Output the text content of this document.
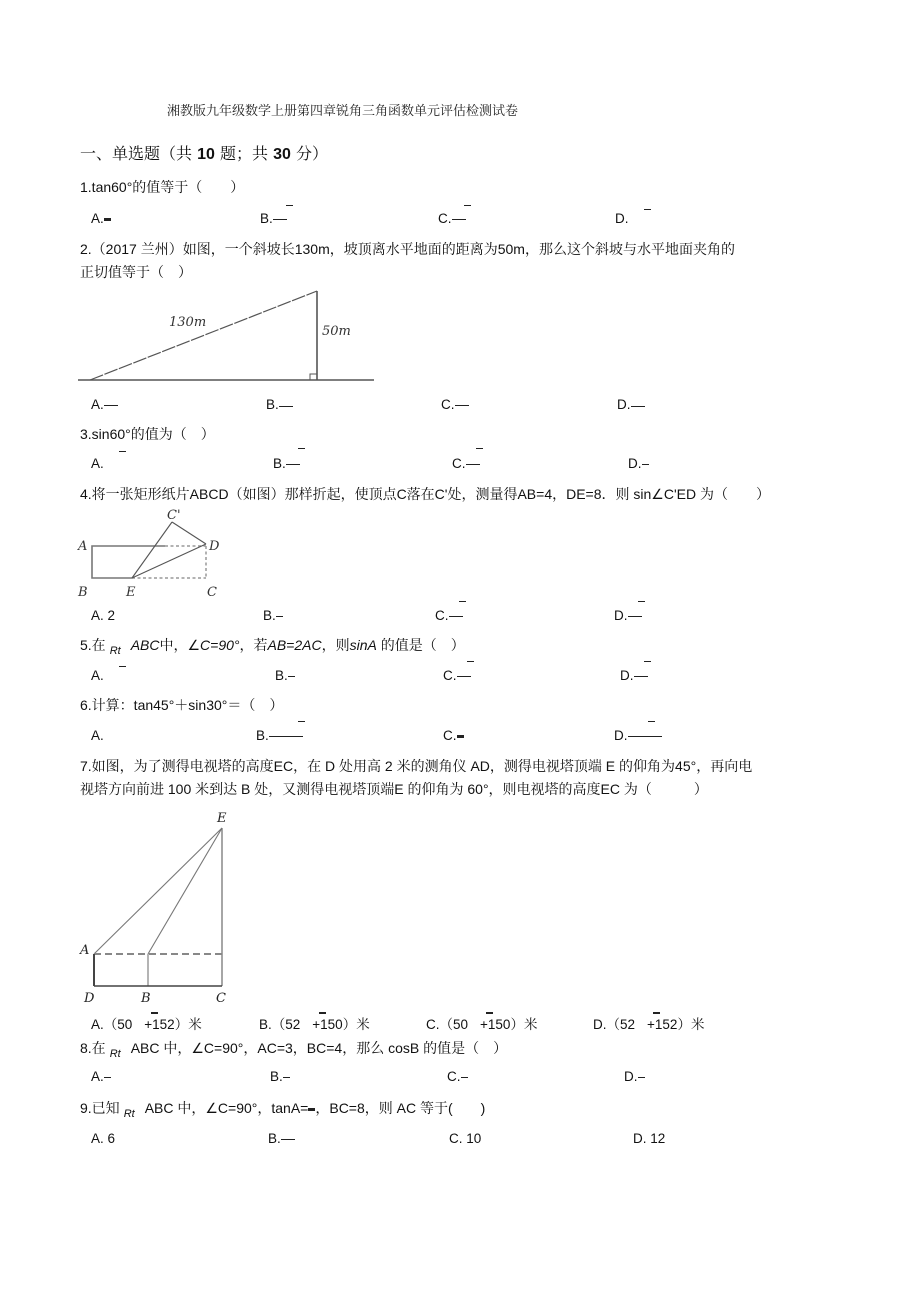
湘教版九年级数学上册第四章锐角三角函数单元评估检测试卷
一、单选题（共 10 题；共 30 分）
1.tan60°的值等于（　　）
A.	B.	C.	D.
2.（2017 兰州）如图，一个斜坡长130m，坡顶离水平地面的距离为50m，那么这个斜坡与水平地面夹角的
正切值等于（　）
130m
50m
A.	B.	C.	D.
3.sin60°的值为（　）
A.	B.	C.	D.
4.将一张矩形纸片ABCD（如图）那样折起，使顶点C落在C'处，测量得AB=4，DE=8．则 sin∠C'ED 为（　　）
A
B	E	C
D
C'
A. 2	B.	C.	D.
5.在 Rt ABC中，∠C=90°，若AB=2AC，则sinA 的值是（　）
A.	B.	C.	D.
6.计算：tan45°＋sin30°＝（　）
A.	B.	C.	D.
7.如图，为了测得电视塔的高度EC，在 D 处用高 2 米的测角仪 AD，测得电视塔顶端 E 的仰角为45°，再向电
视塔方向前进 100 米到达 B 处，又测得电视塔顶端E 的仰角为 60°，则电视塔的高度EC 为（　　　）
E
A
D	B	C
A.（50 +152）米	B.（52 +150）米	C.（50 +150）米	D.（52 +152）米
8.在 Rt ABC 中，∠C=90°，AC=3，BC=4，那么 cosB 的值是（　）
A.	B.	C.	D.
9.已知 Rt ABC 中，∠C=90°，tanA= ，BC=8，则 AC 等于(　　)
A. 6	B.	C. 10	D. 12
